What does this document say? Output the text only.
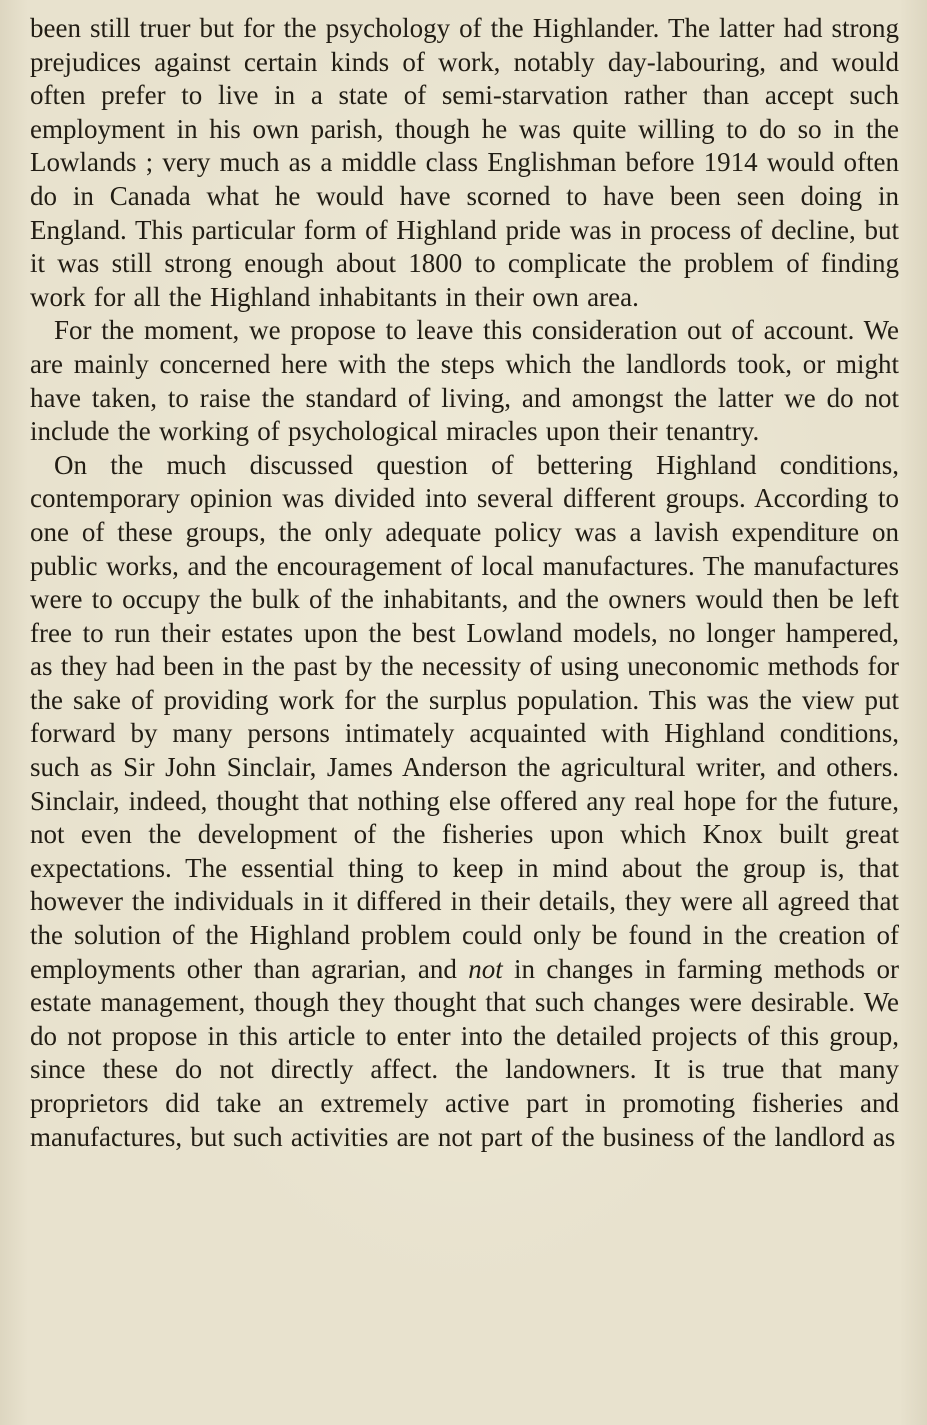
been still truer but for the psychology of the Highlander. The latter had strong prejudices against certain kinds of work, notably day-labouring, and would often prefer to live in a state of semi-starvation rather than accept such employment in his own parish, though he was quite willing to do so in the Lowlands ; very much as a middle class Englishman before 1914 would often do in Canada what he would have scorned to have been seen doing in England. This particular form of Highland pride was in process of decline, but it was still strong enough about 1800 to complicate the problem of finding work for all the Highland inhabitants in their own area.

For the moment, we propose to leave this consideration out of account. We are mainly concerned here with the steps which the landlords took, or might have taken, to raise the standard of living, and amongst the latter we do not include the working of psychological miracles upon their tenantry.

On the much discussed question of bettering Highland conditions, contemporary opinion was divided into several different groups. According to one of these groups, the only adequate policy was a lavish expenditure on public works, and the encouragement of local manufactures. The manufactures were to occupy the bulk of the inhabitants, and the owners would then be left free to run their estates upon the best Lowland models, no longer hampered, as they had been in the past by the necessity of using uneconomic methods for the sake of providing work for the surplus population. This was the view put forward by many persons intimately acquainted with Highland conditions, such as Sir John Sinclair, James Anderson the agricultural writer, and others. Sinclair, indeed, thought that nothing else offered any real hope for the future, not even the development of the fisheries upon which Knox built great expectations. The essential thing to keep in mind about the group is, that however the individuals in it differed in their details, they were all agreed that the solution of the Highland problem could only be found in the creation of employments other than agrarian, and not in changes in farming methods or estate management, though they thought that such changes were desirable. We do not propose in this article to enter into the detailed projects of this group, since these do not directly affect. the landowners. It is true that many proprietors did take an extremely active part in promoting fisheries and manufactures, but such activities are not part of the business of the landlord as
